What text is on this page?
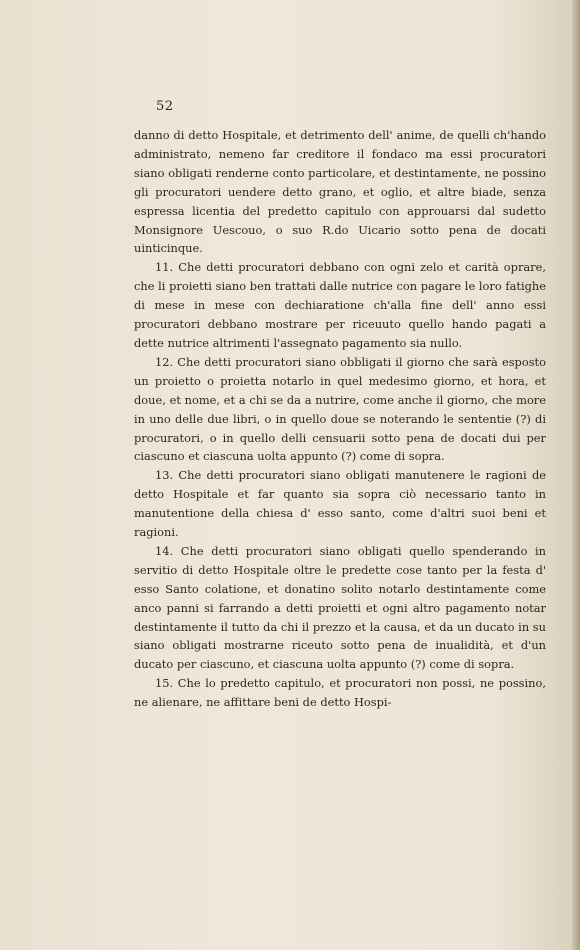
52

danno di detto Hospitale, et detrimento dell' anime, de quelli ch'hando administrato, nemeno far creditore il fondaco ma essi procuratori siano obligati renderne conto particolare, et destintamente, ne possino gli procuratori uendere detto grano, et oglio, et altre biade, senza espressa licentia del predetto capitulo con approuarsi dal sudetto Monsignore Uescouo, o suo R.do Uicario sotto pena de docati uinticinque.

11. Che detti procuratori debbano con ogni zelo et carità oprare, che li proietti siano ben trattati dalle nutrice con pagare le loro fatighe di mese in mese con dechiaratione ch'alla fine dell' anno essi procuratori debbano mostrare per riceuuto quello hando pagati a dette nutrice altrimenti l'assegnato pagamento sia nullo.

12. Che detti procuratori siano obbligati il giorno che sarà esposto un proietto o proietta notarlo in quel medesimo giorno, et hora, et doue, et nome, et a chi se da a nutrire, come anche il giorno, che more in uno delle due libri, o in quello doue se noterando le sententie (?) di procuratori, o in quello delli censuarii sotto pena de docati dui per ciascuno et ciascuna uolta appunto (?) come di sopra.

13. Che detti procuratori siano obligati manutenere le ragioni de detto Hospitale et far quanto sia sopra ciò necessario tanto in manutentione della chiesa d' esso santo, come d'altri suoi beni et ragioni.

14. Che detti procuratori siano obligati quello spenderando in servitio di detto Hospitale oltre le predette cose tanto per la festa d' esso Santo colatione, et donatino solito notarlo destintamente come anco panni si farrando a detti proietti et ogni altro pagamento notar destintamente il tutto da chi il prezzo et la causa, et da un ducato in su siano obligati mostrarne riceuto sotto pena de inualidità, et d'un ducato per ciascuno, et ciascuna uolta appunto (?) come di sopra.

15. Che lo predetto capitulo, et procuratori non possi, ne possino, ne alienare, ne affittare beni de detto Hospi-
